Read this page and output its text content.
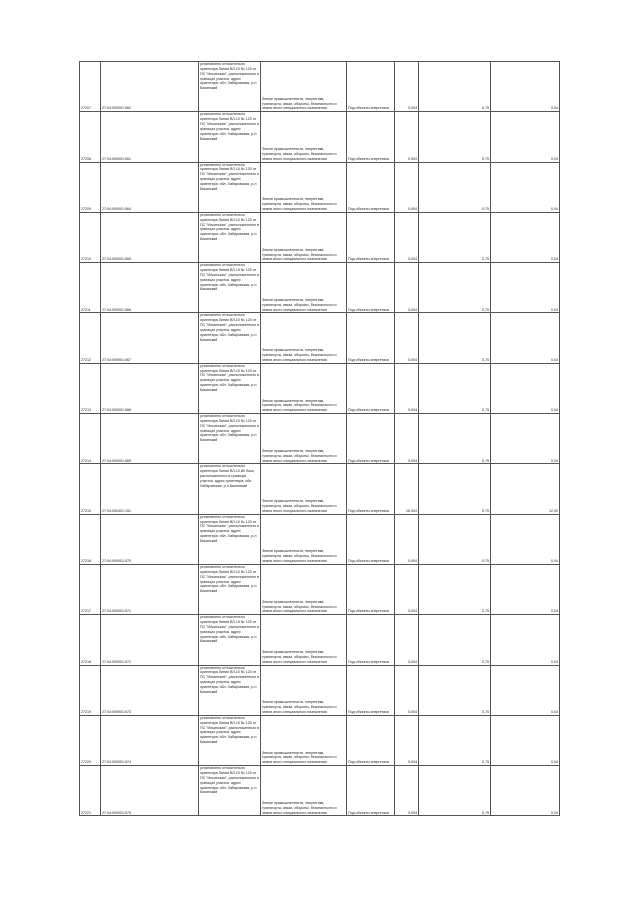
27207	27:04:000901:562	установлено относительно ориентира Линия ВЛ-10 № 120 от ПС "Ильинская", расположенного в границах участка. адрес ориентира: обл. Хабаровская, р-н Бикинский	Земли промышленности, энергетики, транспорта, связи, обороны, безопасности и земли иного специального назначения	Под объекты энергетики	0,004	0,75	0,04
27208	27:04:000901:561	установлено относительно ориентира Линия ВЛ-10 № 120 от ПС "Ильинская", расположенного в границах участка. адрес ориентира: обл. Хабаровская, р-н Бикинский	Земли промышленности, энергетики, транспорта, связи, обороны, безопасности и земли иного специального назначения	Под объекты энергетики	0,004	0,75	0,04
27209	27:04:000901:564	установлено относительно ориентира Линия ВЛ-10 № 120 от ПС "Ильинская", расположенного в границах участка. адрес ориентира: обл. Хабаровская, р-н Бикинский	Земли промышленности, энергетики, транспорта, связи, обороны, безопасности и земли иного специального назначения	Под объекты энергетики	0,004	0,75	0,04
27210	27:04:000901:565	установлено относительно ориентира Линия ВЛ-10 № 120 от ПС "Ильинская", расположенного в границах участка. адрес ориентира: обл. Хабаровская, р-н Бикинский	Земли промышленности, энергетики, транспорта, связи, обороны, безопасности и земли иного специального назначения	Под объекты энергетики	0,004	0,75	0,04
27211	27:04:000901:566	установлено относительно ориентира Линия ВЛ-10 № 120 от ПС "Ильинская", расположенного в границах участка. адрес ориентира: обл. Хабаровская, р-н Бикинский	Земли промышленности, энергетики, транспорта, связи, обороны, безопасности и земли иного специального назначения	Под объекты энергетики	0,004	0,75	0,04
27212	27:04:000901:567	установлено относительно ориентира Линия ВЛ-10 № 120 от ПС "Ильинская", расположенного в границах участка. адрес ориентира: обл. Хабаровская, р-н Бикинский	Земли промышленности, энергетики, транспорта, связи, обороны, безопасности и земли иного специального назначения	Под объекты энергетики	0,004	0,75	0,04
27213	27:04:000901:568	установлено относительно ориентира Линия ВЛ-10 № 120 от ПС "Ильинская", расположенного в границах участка. адрес ориентира: обл. Хабаровская, р-н Бикинский	Земли промышленности, энергетики, транспорта, связи, обороны, безопасности и земли иного специального назначения	Под объекты энергетики	0,004	0,75	0,04
27214	27:04:000901:569	установлено относительно ориентира Линия ВЛ-10 № 120 от ПС "Ильинская", расположенного в границах участка. адрес ориентира: обл. Хабаровская, р-н Бикинский	Земли промышленности, энергетики, транспорта, связи, обороны, безопасности и земли иного специального назначения	Под объекты энергетики	0,004	0,75	0,04
27215	27:04:000401:151	установлено относительно ориентира Линия ВЛ-10 кВ Лазо, расположенного в границах участка. адрес ориентира: обл. Хабаровская, р-н Бикинский	Земли промышленности, энергетики, транспорта, связи, обороны, безопасности и земли иного специального назначения	Под объекты энергетики	16,004	0,75	12,00
27216	27:04:000901:570	установлено относительно ориентира Линия ВЛ-10 № 120 от ПС "Ильинская", расположенного в границах участка. адрес ориентира: обл. Хабаровская, р-н Бикинский	Земли промышленности, энергетики, транспорта, связи, обороны, безопасности и земли иного специального назначения	Под объекты энергетики	0,004	0,75	0,04
27217	27:04:000901:571	установлено относительно ориентира Линия ВЛ-10 № 120 от ПС "Ильинская", расположенного в границах участка. адрес ориентира: обл. Хабаровская, р-н Бикинский	Земли промышленности, энергетики, транспорта, связи, обороны, безопасности и земли иного специального назначения	Под объекты энергетики	0,004	0,75	0,04
27218	27:04:000901:572	установлено относительно ориентира Линия ВЛ-10 № 120 от ПС "Ильинская", расположенного в границах участка. адрес ориентира: обл. Хабаровская, р-н Бикинский	Земли промышленности, энергетики, транспорта, связи, обороны, безопасности и земли иного специального назначения	Под объекты энергетики	0,004	0,75	0,04
27219	27:04:000901:573	установлено относительно ориентира Линия ВЛ-10 № 120 от ПС "Ильинская", расположенного в границах участка. адрес ориентира: обл. Хабаровская, р-н Бикинский	Земли промышленности, энергетики, транспорта, связи, обороны, безопасности и земли иного специального назначения	Под объекты энергетики	0,004	0,75	0,04
27220	27:04:000901:574	установлено относительно ориентира Линия ВЛ-10 № 120 от ПС "Ильинская", расположенного в границах участка. адрес ориентира: обл. Хабаровская, р-н Бикинский	Земли промышленности, энергетики, транспорта, связи, обороны, безопасности и земли иного специального назначения	Под объекты энергетики	0,004	0,75	0,04
27221	27:04:000901:575	установлено относительно ориентира Линия ВЛ-10 № 120 от ПС "Ильинская", расположенного в границах участка. адрес ориентира: обл. Хабаровская, р-н Бикинский	Земли промышленности, энергетики, транспорта, связи, обороны, безопасности и земли иного специального назначения	Под объекты энергетики	0,004	0,75	0,04
